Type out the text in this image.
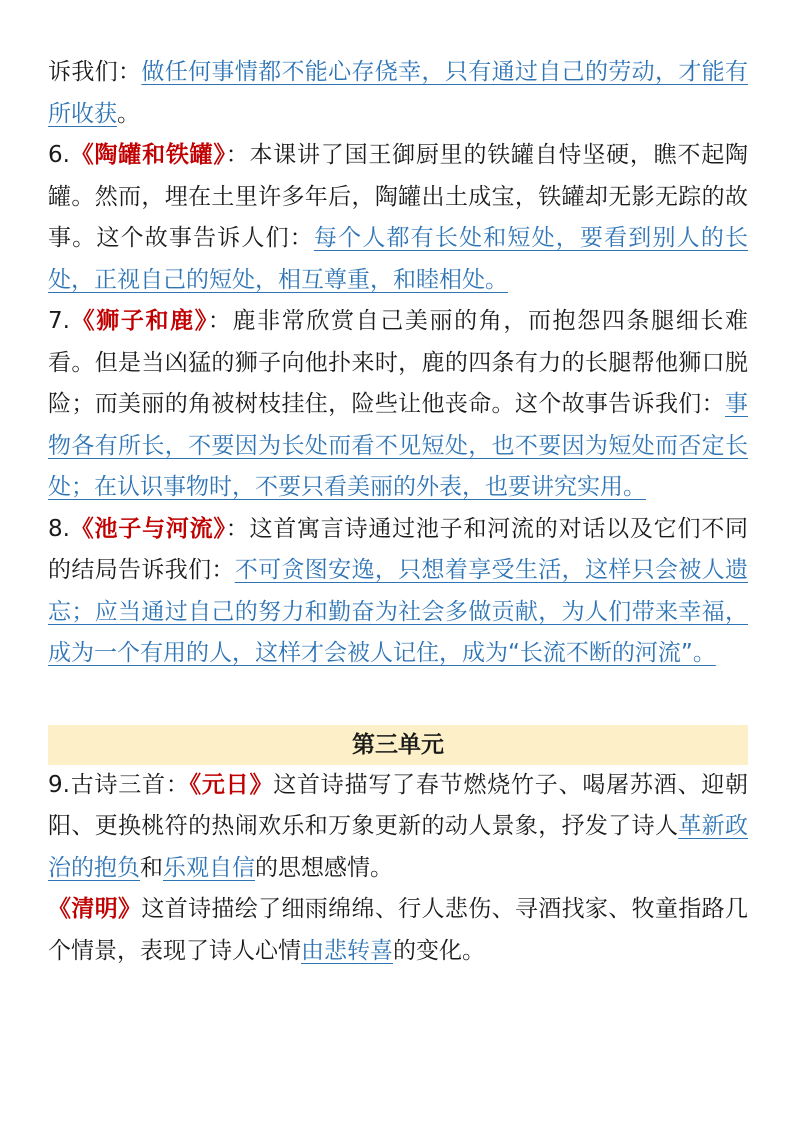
诉我们：做任何事情都不能心存侥幸，只有通过自己的劳动，才能有所收获。

6.《陶罐和铁罐》：本课讲了国王御厨里的铁罐自恃坚硬，瞧不起陶罐。然而，埋在土里许多年后，陶罐出土成宝，铁罐却无影无踪的故事。这个故事告诉人们：每个人都有长处和短处，要看到别人的长处，正视自己的短处，相互尊重，和睦相处。

7.《狮子和鹿》：鹿非常欣赏自己美丽的角，而抱怨四条腿细长难看。但是当凶猛的狮子向他扑来时，鹿的四条有力的长腿帮他狮口脱险；而美丽的角被树枝挂住，险些让他丧命。这个故事告诉我们：事物各有所长，不要因为长处而看不见短处，也不要因为短处而否定长处；在认识事物时，不要只看美丽的外表，也要讲究实用。

8.《池子与河流》：这首寓言诗通过池子和河流的对话以及它们不同的结局告诉我们：不可贪图安逸，只想着享受生活，这样只会被人遗忘；应当通过自己的努力和勤奋为社会多做贡献，为人们带来幸福，成为一个有用的人，这样才会被人记住，成为“长流不断的河流”。

第三单元

9.古诗三首：《元日》这首诗描写了春节燃烧竹子、喝屠苏酒、迎朝阳、更换桃符的热闹欢乐和万象更新的动人景象，抒发了诗人革新政治的抱负和乐观自信的思想感情。

《清明》这首诗描绘了细雨绵绵、行人悲伤、寻酒找家、牧童指路几个情景，表现了诗人心情由悲转喜的变化。
